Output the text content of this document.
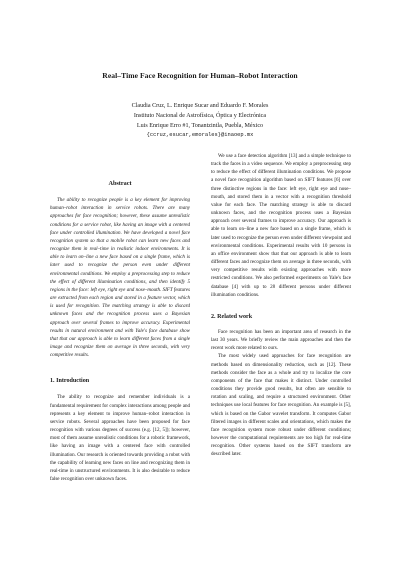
Real–Time Face Recognition for Human–Robot Interaction
Claudia Cruz, L. Enrique Sucar and Eduardo F. Morales
Instituto Nacional de Astrofísica, Óptica y Electrónica
Luis Enrique Erro #1, Tonantzintla, Puebla, México
{ccruz,esucar,emorales}@inaoep.mx
Abstract

The ability to recognize people is a key element for improving human–robot interaction in service robots. There are many approaches for face recognition; however, these assume unrealistic conditions for a service robot, like having an image with a centered face under controlled illumination. We have developed a novel face recognition system so that a mobile robot can learn new faces and recognize them in real–time in realistic indoor environments. It is able to learn on–line a new face based on a single frame, which is later used to recognize the person even under different environmental conditions. We employ a preprocessing step to reduce the effect of different illumination conditions, and then identify 5 regions in the face: left eye, right eye and nose–mouth. SIFT features are extracted from each region and stored in a feature vector, which is used for recognition. The matching strategy is able to discard unknown faces and the recognition process uses a Bayesian approach over several frames to improve accuracy. Experimental results in natural environment and with Yale's face database show that that our approach is able to learn different faces from a single image and recognize them on average in three seconds, with very competitive results.

1. Introduction

The ability to recognize and remember individuals is a fundamental requirement for complex interactions among people and represents a key element to improve human–robot interaction in service robots. Several approaches have been proposed for face recognition with various degrees of success (e.g. [12, 5]); however, most of them assume unrealistic conditions for a robotic framework, like having an image with a centered face with controlled illumination. Our research is oriented towards providing a robot with the capability of learning new faces on line and recognizing them in real-time in unstructured environments. It is also desirable to reduce false recognition over unknown faces.

We use a face detection algorithm [13] and a simple technique to track the faces in a video sequence. We employ a preprocessing step to reduce the effect of different illumination conditions. We propose a novel face recognition algorithm based on SIFT features [6] over three distinctive regions in the face: left eye, right eye and nose–mouth, and stored them in a vector with a recognition threshold value for each face. The matching strategy is able to discard unknown faces, and the recognition process uses a Bayesian approach over several frames to improve accuracy. Our approach is able to learn on–line a new face based on a single frame, which is later used to recognize the person even under different viewpoint and environmental conditions. Experimental results with 10 persons in an office environment show that that our approach is able to learn different faces and recognize them on average in three seconds, with very competitive results with existing approaches with more restricted conditions. We also performed experiments on Yale's face database [4] with up to 28 different persons under different illumination conditions.

2. Related work

Face recognition has been an important area of research in the last 30 years. We briefly review the main approaches and then the recent work more related to ours.

The most widely used approaches for face recognition are methods based on dimensionality reduction, such as [12]. These methods consider the face as a whole and try to localize the core components of the face that makes it distinct. Under controlled conditions they provide good results, but often are sensible to rotation and scaling, and require a structured environment. Other techniques use local features for face recognition. An example is [5], which is based on the Gabor wavelet transform. It computes Gabor filtered images in different scales and orientations, which makes the face recognition system more robust under different conditions; however the computational requirements are too high for real-time recognition. Other systems based on the SIFT transform are described later.
